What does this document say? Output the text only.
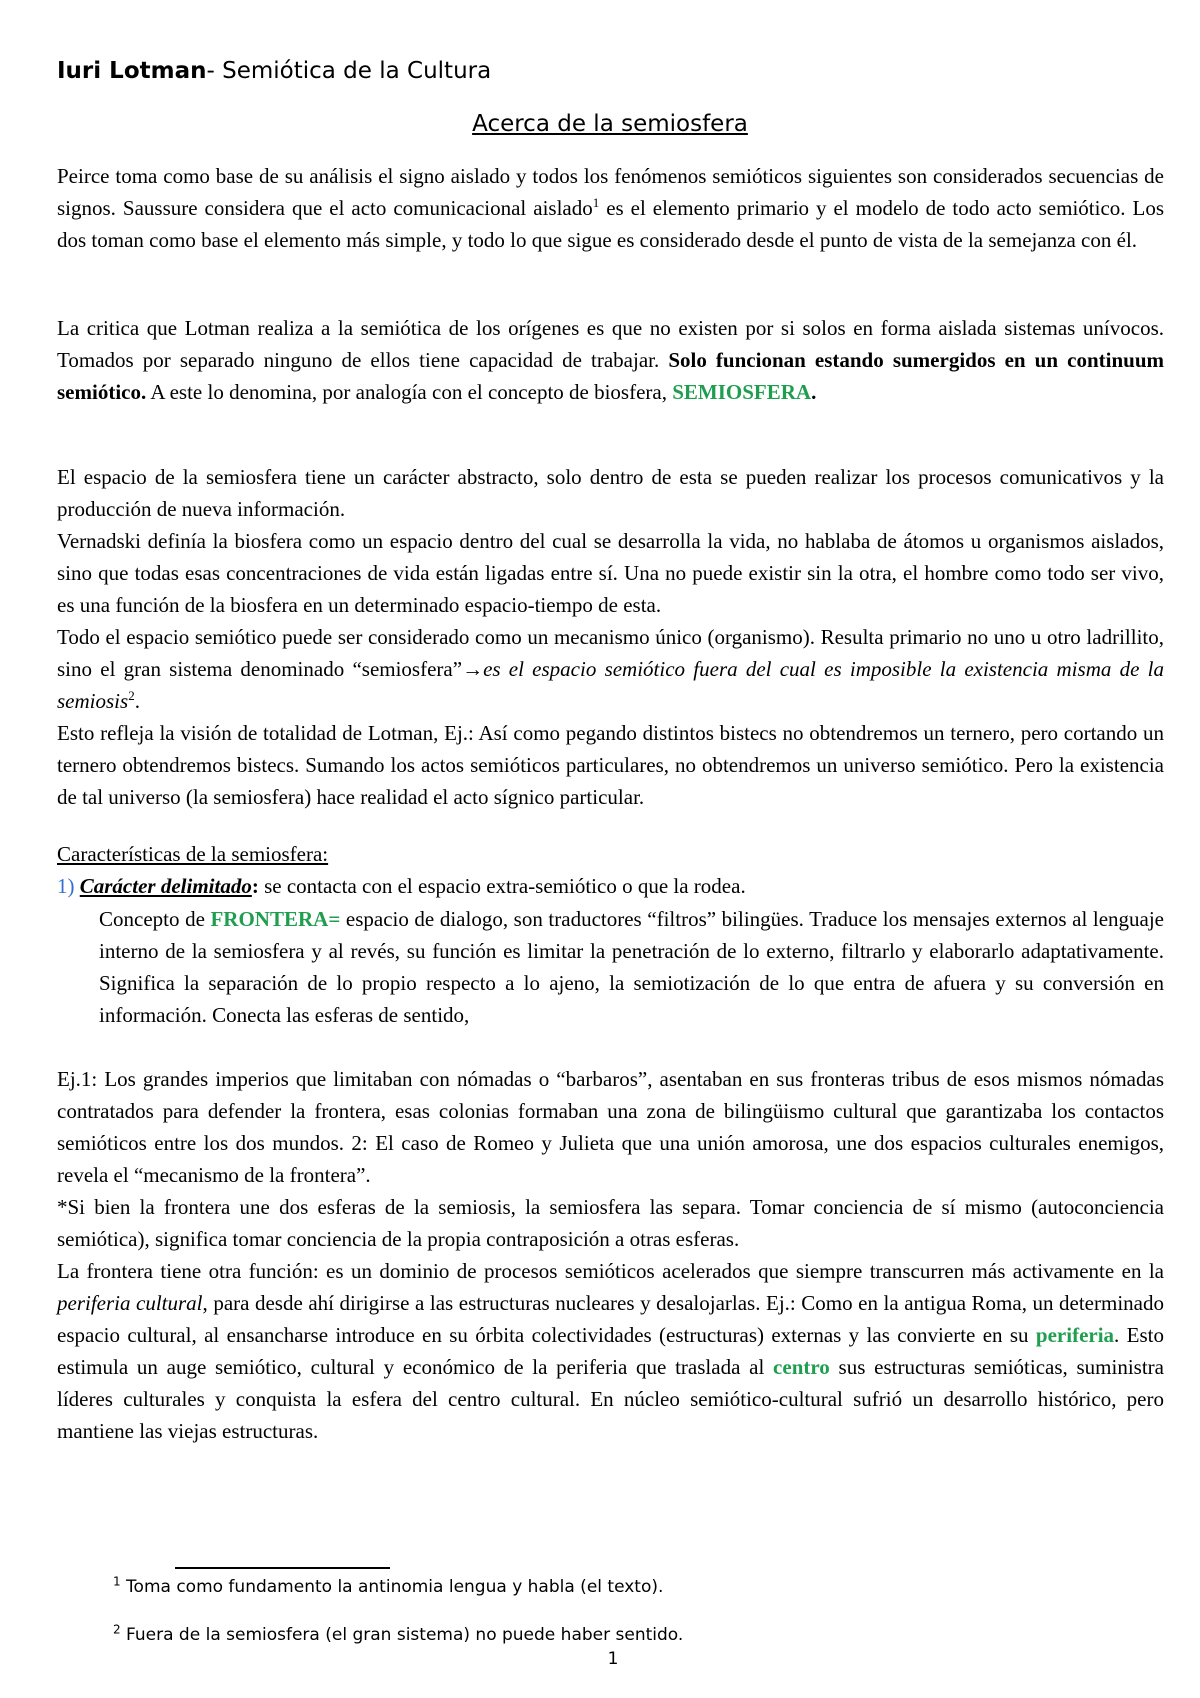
Iuri Lotman- Semiótica de la Cultura
Acerca de la semiosfera
Peirce toma como base de su análisis el signo aislado y todos los fenómenos semióticos siguientes son considerados secuencias de signos. Saussure considera que el acto comunicacional aislado$^1$ es el elemento primario y el modelo de todo acto semiótico. Los dos toman como base el elemento más simple, y todo lo que sigue es considerado desde el punto de vista de la semejanza con él.
La critica que Lotman realiza a la semiótica de los orígenes es que no existen por si solos en forma aislada sistemas unívocos. Tomados por separado ninguno de ellos tiene capacidad de trabajar. Solo funcionan estando sumergidos en un continuum semiótico. A este lo denomina, por analogía con el concepto de biosfera, SEMIOSFERA.
El espacio de la semiosfera tiene un carácter abstracto, solo dentro de esta se pueden realizar los procesos comunicativos y la producción de nueva información.
Vernadski definía la biosfera como un espacio dentro del cual se desarrolla la vida, no hablaba de átomos u organismos aislados, sino que todas esas concentraciones de vida están ligadas entre sí. Una no puede existir sin la otra, el hombre como todo ser vivo, es una función de la biosfera en un determinado espacio-tiempo de esta.
Todo el espacio semiótico puede ser considerado como un mecanismo único (organismo). Resulta primario no uno u otro ladrillito, sino el gran sistema denominado “semiosfera”→es el espacio semiótico fuera del cual es imposible la existencia misma de la semiosis$^2$.
Esto refleja la visión de totalidad de Lotman, Ej.: Así como pegando distintos bistecs no obtendremos un ternero, pero cortando un ternero obtendremos bistecs. Sumando los actos semióticos particulares, no obtendremos un universo semiótico. Pero la existencia de tal universo (la semiosfera) hace realidad el acto sígnico particular.
Características de la semiosfera:
1) Carácter delimitado: se contacta con el espacio extra-semiótico o que la rodea.
Concepto de FRONTERA= espacio de dialogo, son traductores “filtros” bilingües. Traduce los mensajes externos al lenguaje interno de la semiosfera y al revés, su función es limitar la penetración de lo externo, filtrarlo y elaborarlo adaptativamente. Significa la separación de lo propio respecto a lo ajeno, la semiotización de lo que entra de afuera y su conversión en información. Conecta las esferas de sentido,
Ej.1: Los grandes imperios que limitaban con nómadas o “barbaros”, asentaban en sus fronteras tribus de esos mismos nómadas contratados para defender la frontera, esas colonias formaban una zona de bilingüismo cultural que garantizaba los contactos semióticos entre los dos mundos. 2: El caso de Romeo y Julieta que una unión amorosa, une dos espacios culturales enemigos, revela el “mecanismo de la frontera”.
*Si bien la frontera une dos esferas de la semiosis, la semiosfera las separa. Tomar conciencia de sí mismo (autoconciencia semiótica), significa tomar conciencia de la propia contraposición a otras esferas.
La frontera tiene otra función: es un dominio de procesos semióticos acelerados que siempre transcurren más activamente en la periferia cultural, para desde ahí dirigirse a las estructuras nucleares y desalojarlas. Ej.: Como en la antigua Roma, un determinado espacio cultural, al ensancharse introduce en su órbita colectividades (estructuras) externas y las convierte en su periferia. Esto estimula un auge semiótico, cultural y económico de la periferia que traslada al centro sus estructuras semióticas, suministra líderes culturales y conquista la esfera del centro cultural. En núcleo semiótico-cultural sufrió un desarrollo histórico, pero mantiene las viejas estructuras.
$^1$ Toma como fundamento la antinomia lengua y habla (el texto).
$^2$ Fuera de la semiosfera (el gran sistema) no puede haber sentido.
1
